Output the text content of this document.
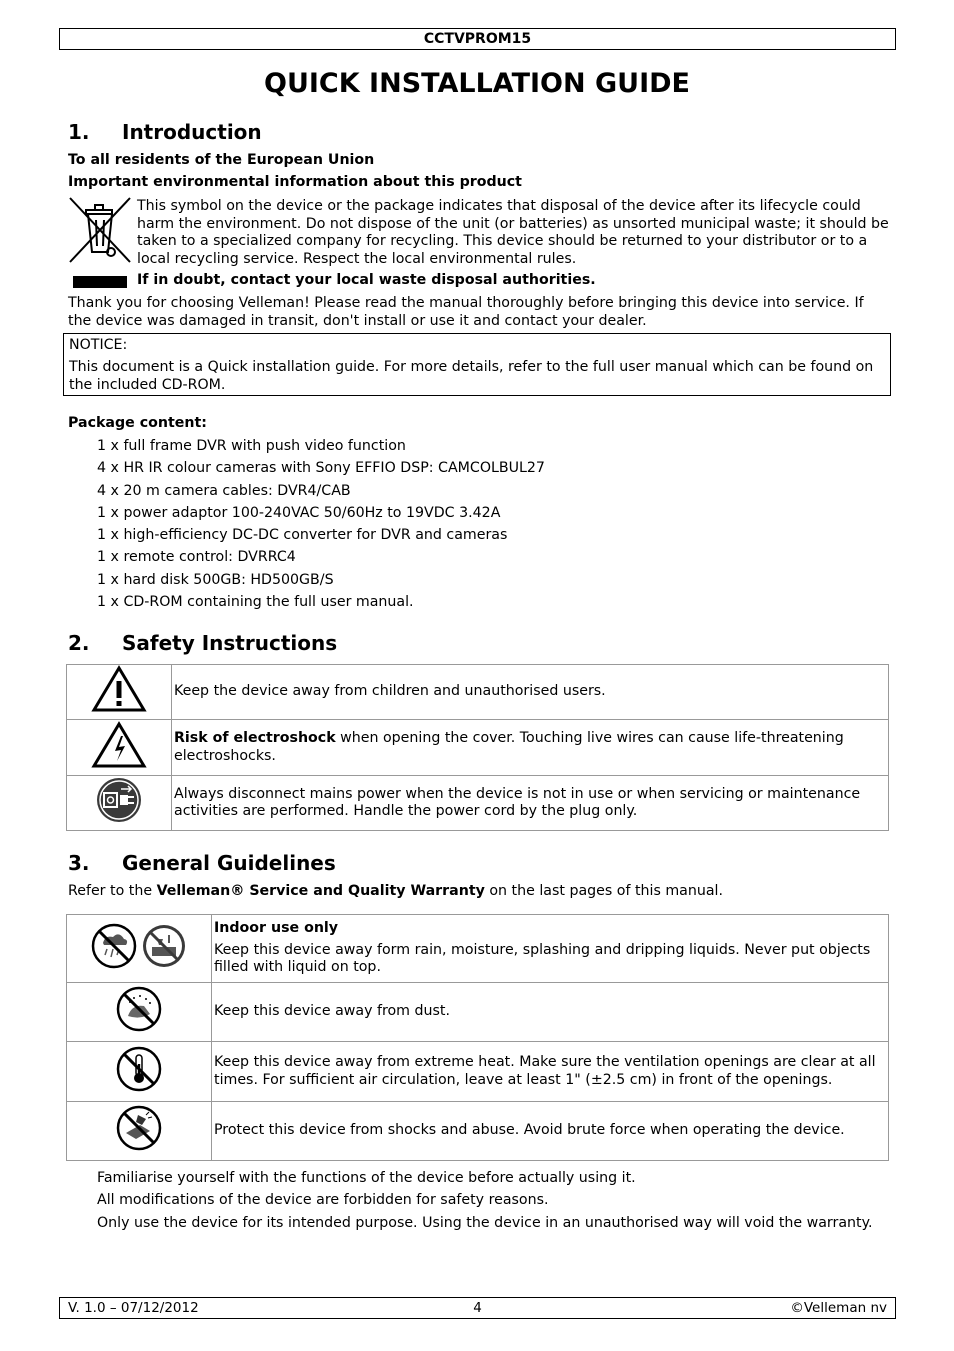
CCTVPROM15
QUICK INSTALLATION GUIDE
1. Introduction
To all residents of the European Union
Important environmental information about this product
This symbol on the device or the package indicates that disposal of the device after its lifecycle could harm the environment. Do not dispose of the unit (or batteries) as unsorted municipal waste; it should be taken to a specialized company for recycling. This device should be returned to your distributor or to a local recycling service. Respect the local environmental rules.
If in doubt, contact your local waste disposal authorities.
Thank you for choosing Velleman! Please read the manual thoroughly before bringing this device into service. If the device was damaged in transit, don't install or use it and contact your dealer.
NOTICE:
This document is a Quick installation guide. For more details, refer to the full user manual which can be found on the included CD-ROM.
Package content:
1 x full frame DVR with push video function
4 x HR IR colour cameras with Sony EFFIO DSP: CAMCOLBUL27
4 x 20 m camera cables: DVR4/CAB
1 x power adaptor 100-240VAC 50/60Hz to 19VDC 3.42A
1 x high-efficiency DC-DC converter for DVR and cameras
1 x remote control: DVRRC4
1 x hard disk 500GB: HD500GB/S
1 x CD-ROM containing the full user manual.
2. Safety Instructions
	Keep the device away from children and unauthorised users.
	Risk of electroshock when opening the cover. Touching live wires can cause life-threatening electroshocks.
	Always disconnect mains power when the device is not in use or when servicing or maintenance activities are performed. Handle the power cord by the plug only.
3. General Guidelines
Refer to the Velleman® Service and Quality Warranty on the last pages of this manual.

Indoor use only
Keep this device away form rain, moisture, splashing and dripping liquids. Never put objects filled with liquid on top.

	Keep this device away from dust.
	Keep this device away from extreme heat. Make sure the ventilation openings are clear at all times. For sufficient air circulation, leave at least 1" (±2.5 cm) in front of the openings.
	Protect this device from shocks and abuse. Avoid brute force when operating the device.
Familiarise yourself with the functions of the device before actually using it.
All modifications of the device are forbidden for safety reasons.
Only use the device for its intended purpose. Using the device in an unauthorised way will void the warranty.
V. 1.0 – 07/12/2012	4	©Velleman nv
